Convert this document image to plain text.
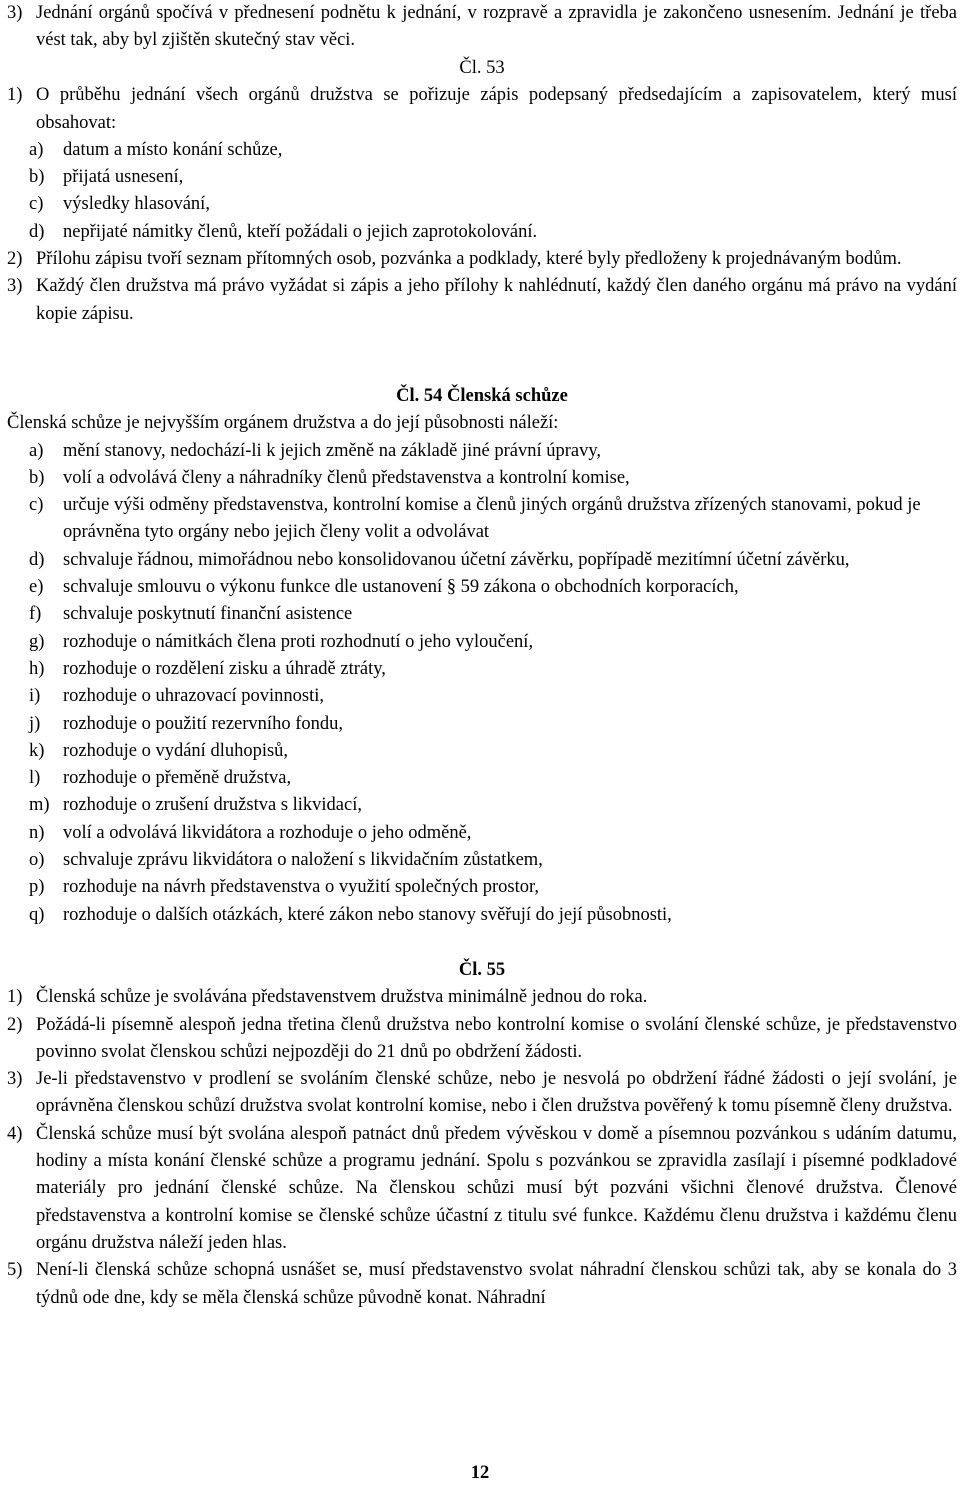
3) Jednání orgánů spočívá v přednesení podnětu k jednání, v rozpravě a zpravidla je zakončeno usnesením. Jednání je třeba vést tak, aby byl zjištěn skutečný stav věci.
Čl. 53
1) O průběhu jednání všech orgánů družstva se pořizuje zápis podepsaný předsedajícím a zapisovatelem, který musí obsahovat:
a)	datum a místo konání schůze,
b)	přijatá usnesení,
c)	výsledky hlasování,
d)	nepřijaté námitky členů, kteří požádali o jejich zaprotokolování.
2) Přílohu zápisu tvoří seznam přítomných osob, pozvánka a podklady, které byly předloženy k projednávaným bodům.
3) Každý člen družstva má právo vyžádat si zápis a jeho přílohy k nahlédnutí, každý člen daného orgánu má právo na vydání kopie zápisu.
Čl. 54 Členská schůze
Členská schůze je nejvyšším orgánem družstva a do její působnosti náleží:
a)	mění stanovy, nedochází-li k jejich změně na základě jiné právní úpravy,
b)	volí a odvolává členy a náhradníky členů představenstva a kontrolní komise,
c)	určuje výši odměny představenstva, kontrolní komise a členů jiných orgánů družstva zřízených stanovami, pokud je oprávněna tyto orgány nebo jejich členy volit a odvolávat
d)	schvaluje řádnou, mimořádnou nebo konsolidovanou účetní závěrku, popřípadě mezitímní účetní závěrku,
e)	schvaluje smlouvu o výkonu funkce dle ustanovení § 59 zákona o obchodních korporacích,
f)	schvaluje poskytnutí finanční asistence
g)	rozhoduje o námitkách člena proti rozhodnutí o jeho vyloučení,
h)	rozhoduje o rozdělení zisku a úhradě ztráty,
i)	rozhoduje o uhrazovací povinnosti,
j)	rozhoduje o použití rezervního fondu,
k)	rozhoduje o vydání dluhopisů,
l)	rozhoduje o přeměně družstva,
m) rozhoduje o zrušení družstva s likvidací,
n)	volí a odvolává likvidátora a rozhoduje o jeho odměně,
o)	schvaluje zprávu likvidátora o naložení s likvidačním zůstatkem,
p)	rozhoduje na návrh představenstva o využití společných prostor,
q)	rozhoduje o dalších otázkách, které zákon nebo stanovy svěřují do její působnosti,
Čl. 55
1) Členská schůze je svolávána představenstvem družstva minimálně jednou do roka.
2) Požádá-li písemně alespoň jedna třetina členů družstva nebo kontrolní komise o svolání členské schůze, je představenstvo povinno svolat členskou schůzi nejpozději do 21 dnů po obdržení žádosti.
3) Je-li představenstvo v prodlení se svoláním členské schůze, nebo je nesvolá po obdržení řádné žádosti o její svolání, je oprávněna členskou schůzí družstva svolat kontrolní komise, nebo i člen družstva pověřený k tomu písemně členy družstva.
4) Členská schůze musí být svolána alespoň patnáct dnů předem vývěskou v domě a písemnou pozvánkou s udáním datumu, hodiny a místa konání členské schůze a programu jednání. Spolu s pozvánkou se zpravidla zasílají i písemné podkladové materiály pro jednání členské schůze. Na členskou schůzi musí být pozváni všichni členové družstva. Členové představenstva a kontrolní komise se členské schůze účastní z titulu své funkce. Každému členu družstva i každému členu orgánu družstva náleží jeden hlas.
5) Není-li členská schůze schopná usnášet se, musí představenstvo svolat náhradní členskou schůzi tak, aby se konala do 3 týdnů ode dne, kdy se měla členská schůze původně konat. Náhradní
12
